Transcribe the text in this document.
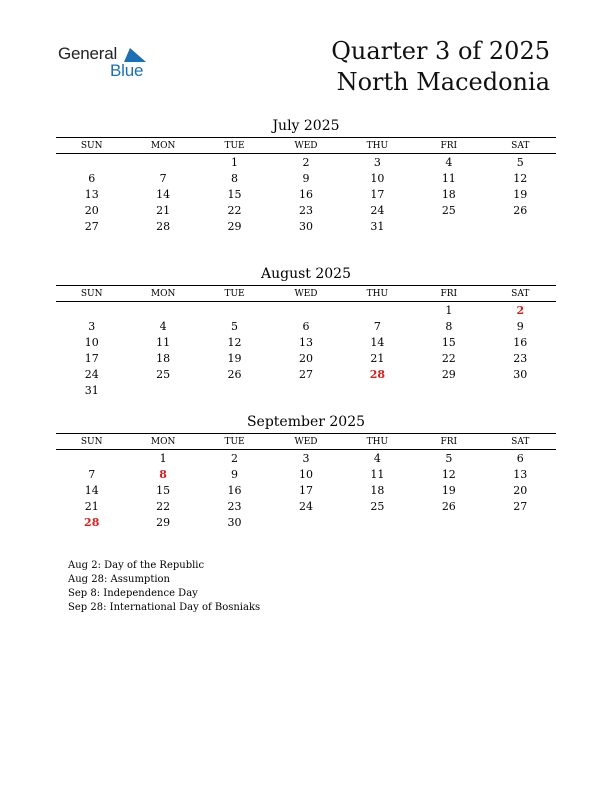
General
Blue
Quarter 3 of 2025
North Macedonia
July 2025
SUN	MON	TUE	WED	THU	FRI	SAT
		1	2	3	4	5
6	7	8	9	10	11	12
13	14	15	16	17	18	19
20	21	22	23	24	25	26
27	28	29	30	31		
August 2025
SUN	MON	TUE	WED	THU	FRI	SAT
					1	2
3	4	5	6	7	8	9
10	11	12	13	14	15	16
17	18	19	20	21	22	23
24	25	26	27	28	29	30
31						
September 2025
SUN	MON	TUE	WED	THU	FRI	SAT
	1	2	3	4	5	6
7	8	9	10	11	12	13
14	15	16	17	18	19	20
21	22	23	24	25	26	27
28	29	30				
Aug 2: Day of the Republic
Aug 28: Assumption
Sep 8: Independence Day
Sep 28: International Day of Bosniaks
